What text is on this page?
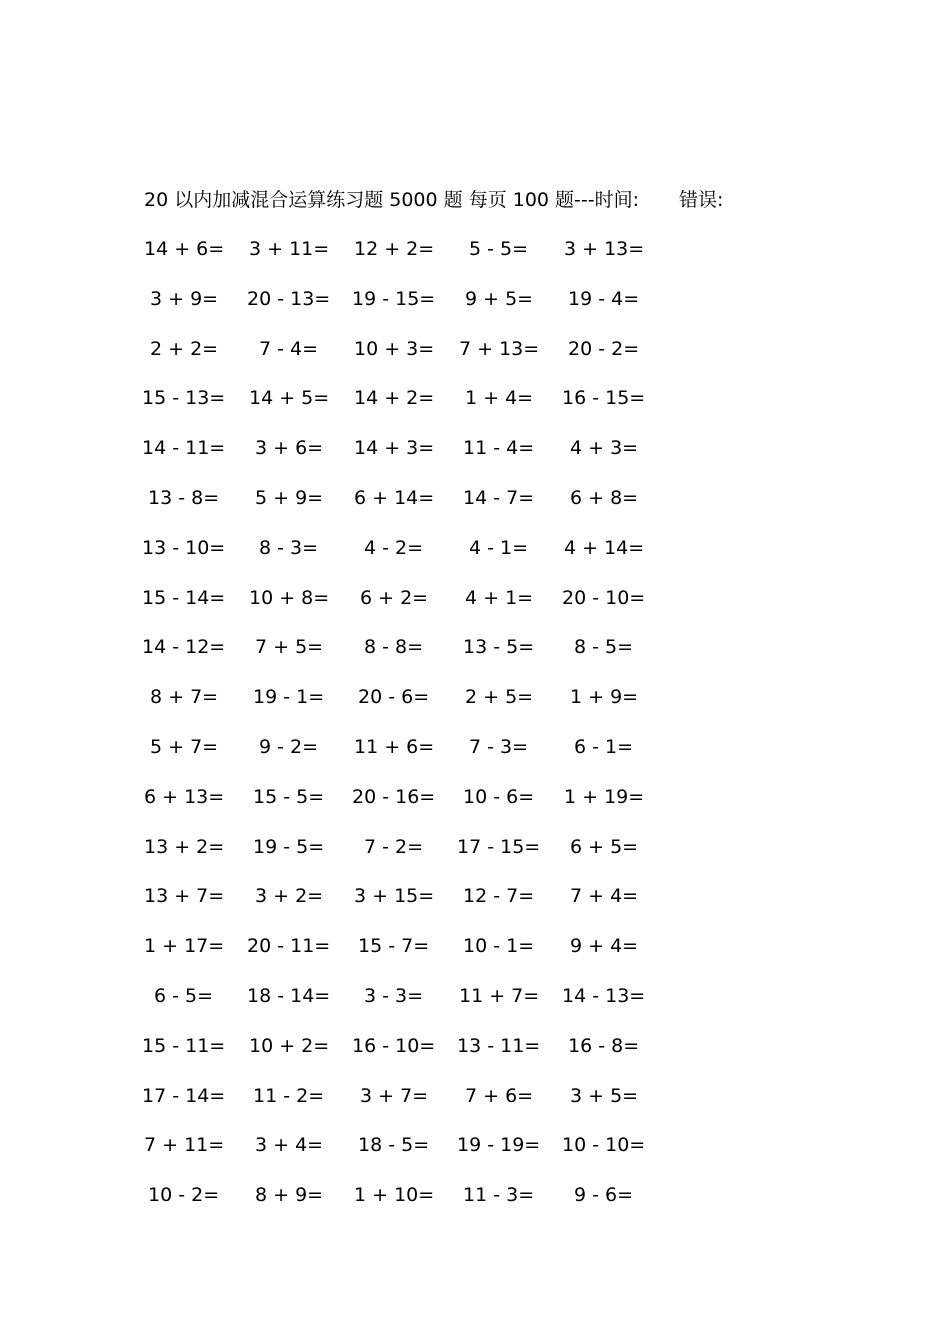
20 以内加减混合运算练习题 5000 题 每页 100 题---时间: 错误:
14 + 6= 3 + 11= 12 + 2= 5 - 5= 3 + 13=
3 + 9= 20 - 13= 19 - 15= 9 + 5= 19 - 4=
2 + 2= 7 - 4= 10 + 3= 7 + 13= 20 - 2=
15 - 13= 14 + 5= 14 + 2= 1 + 4= 16 - 15=
14 - 11= 3 + 6= 14 + 3= 11 - 4= 4 + 3=
13 - 8= 5 + 9= 6 + 14= 14 - 7= 6 + 8=
13 - 10= 8 - 3= 4 - 2= 4 - 1= 4 + 14=
15 - 14= 10 + 8= 6 + 2= 4 + 1= 20 - 10=
14 - 12= 7 + 5= 8 - 8= 13 - 5= 8 - 5=
8 + 7= 19 - 1= 20 - 6= 2 + 5= 1 + 9=
5 + 7= 9 - 2= 11 + 6= 7 - 3= 6 - 1=
6 + 13= 15 - 5= 20 - 16= 10 - 6= 1 + 19=
13 + 2= 19 - 5= 7 - 2= 17 - 15= 6 + 5=
13 + 7= 3 + 2= 3 + 15= 12 - 7= 7 + 4=
1 + 17= 20 - 11= 15 - 7= 10 - 1= 9 + 4=
6 - 5= 18 - 14= 3 - 3= 11 + 7= 14 - 13=
15 - 11= 10 + 2= 16 - 10= 13 - 11= 16 - 8=
17 - 14= 11 - 2= 3 + 7= 7 + 6= 3 + 5=
7 + 11= 3 + 4= 18 - 5= 19 - 19= 10 - 10=
10 - 2= 8 + 9= 1 + 10= 11 - 3= 9 - 6=
